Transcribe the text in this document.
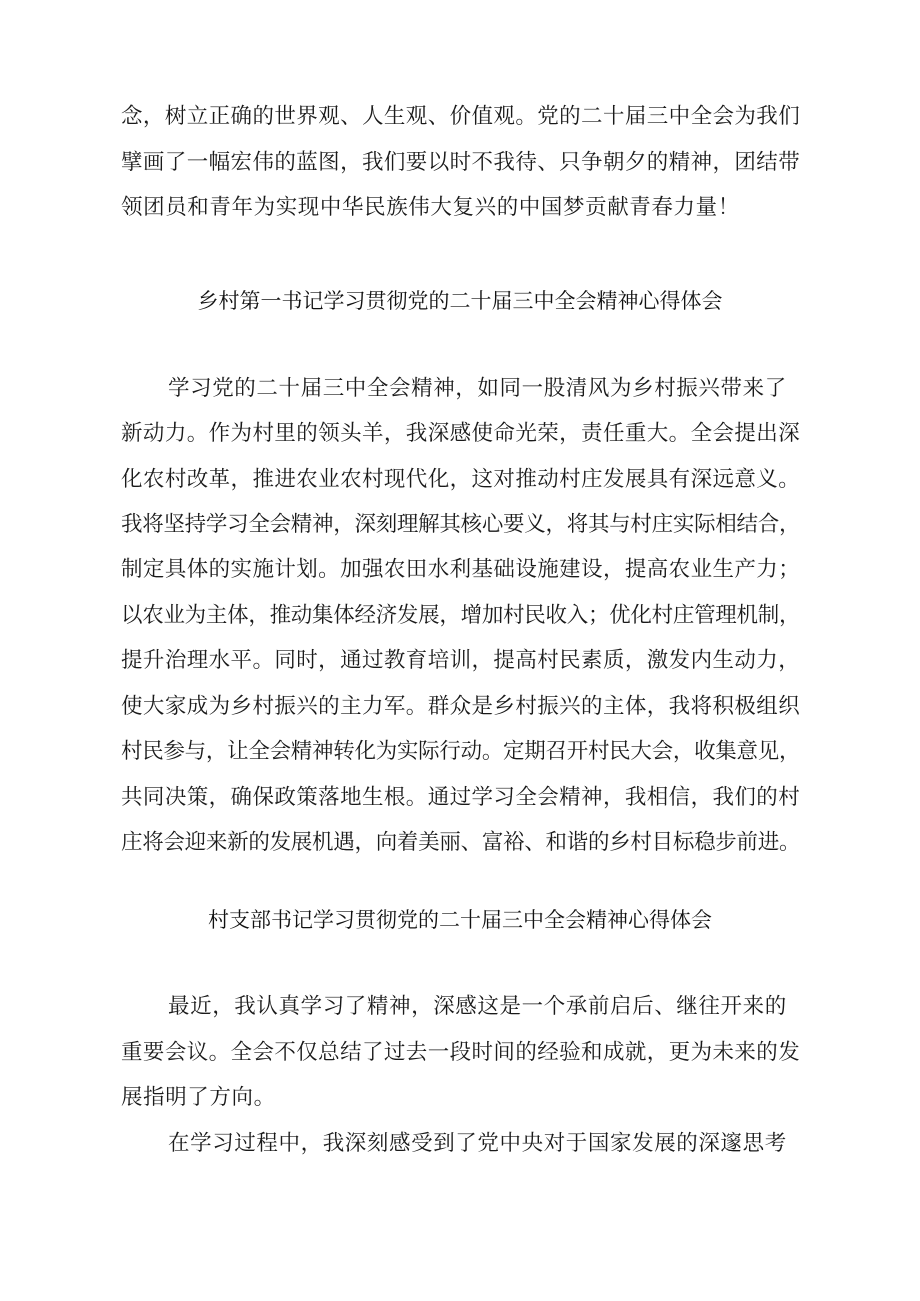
念，树立正确的世界观、人生观、价值观。党的二十届三中全会为我们
擘画了一幅宏伟的蓝图，我们要以时不我待、只争朝夕的精神，团结带
领团员和青年为实现中华民族伟大复兴的中国梦贡献青春力量！
乡村第一书记学习贯彻党的二十届三中全会精神心得体会
学习党的二十届三中全会精神，如同一股清风为乡村振兴带来了
新动力。作为村里的领头羊，我深感使命光荣，责任重大。全会提出深
化农村改革，推进农业农村现代化，这对推动村庄发展具有深远意义。
我将坚持学习全会精神，深刻理解其核心要义，将其与村庄实际相结合，
制定具体的实施计划。加强农田水利基础设施建设，提高农业生产力；
以农业为主体，推动集体经济发展，增加村民收入；优化村庄管理机制，
提升治理水平。同时，通过教育培训，提高村民素质，激发内生动力，
使大家成为乡村振兴的主力军。群众是乡村振兴的主体，我将积极组织
村民参与，让全会精神转化为实际行动。定期召开村民大会，收集意见，
共同决策，确保政策落地生根。通过学习全会精神，我相信，我们的村
庄将会迎来新的发展机遇，向着美丽、富裕、和谐的乡村目标稳步前进。
村支部书记学习贯彻党的二十届三中全会精神心得体会
最近，我认真学习了精神，深感这是一个承前启后、继往开来的
重要会议。全会不仅总结了过去一段时间的经验和成就，更为未来的发
展指明了方向。
在学习过程中，我深刻感受到了党中央对于国家发展的深邃思考
